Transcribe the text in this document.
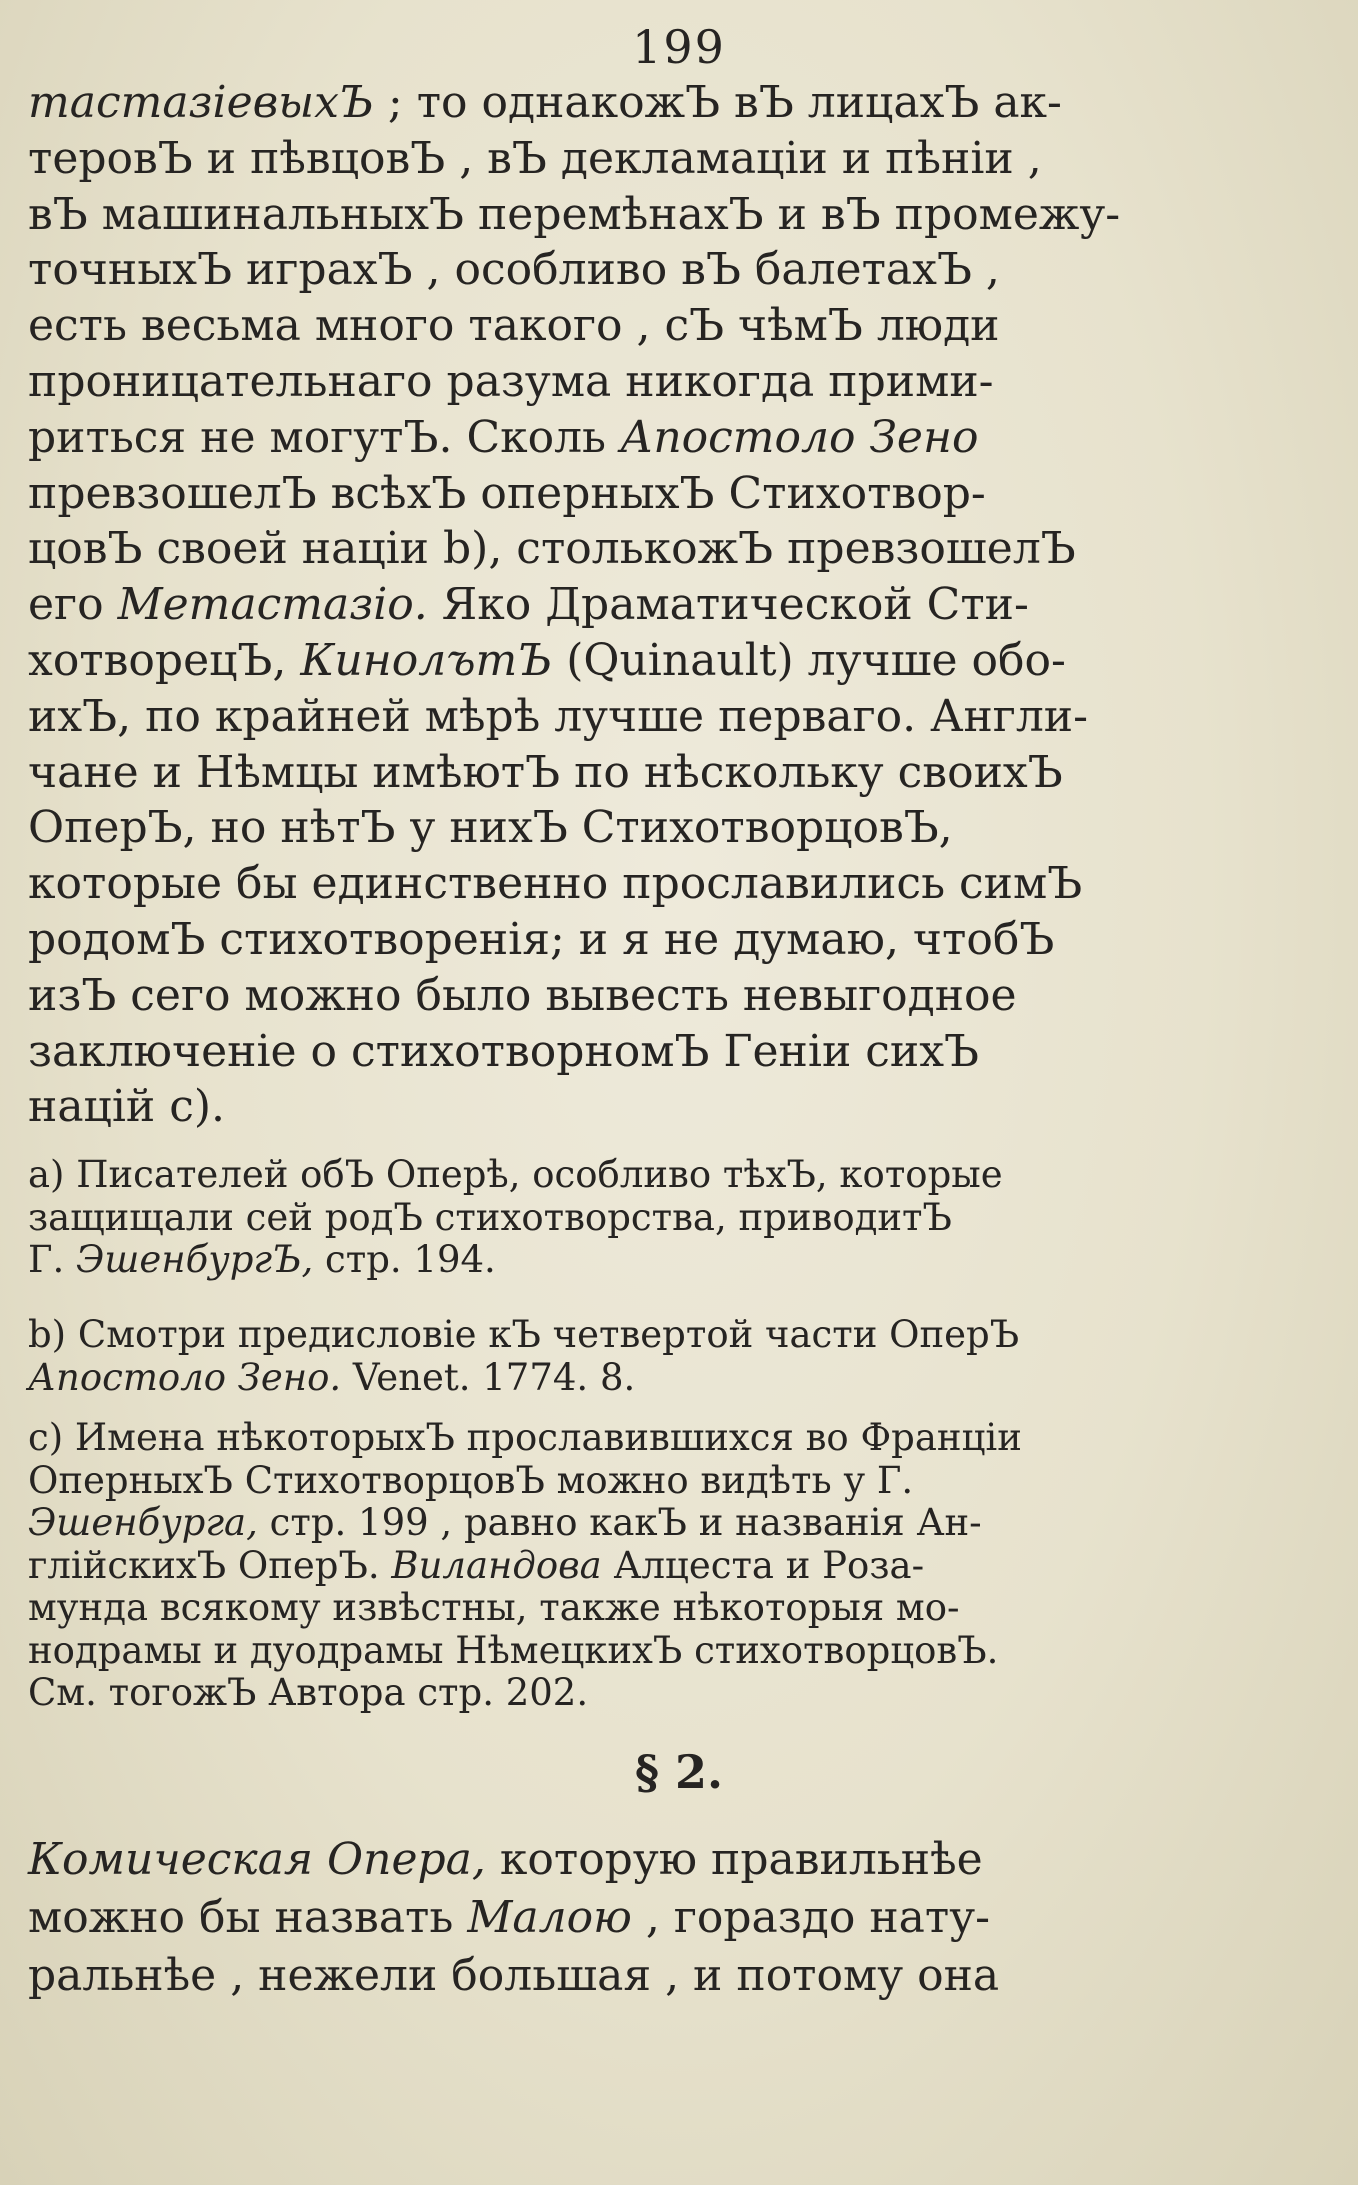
199
тастазіевыхЪ ; то однакожЪ вЪ лицахЪ ак-
теровЪ и пѣвцовЪ , вЪ декламаціи и пѣніи ,
вЪ машинальныхЪ перемѣнахЪ и вЪ промежу-
точныхЪ играхЪ , особливо вЪ балетахЪ ,
есть весьма много такого , сЪ чѣмЪ люди
проницательнаго разума никогда прими-
риться не могутЪ. Сколь Апостоло Зено
превзошелЪ всѣхЪ оперныхЪ Стихотвор-
цовЪ своей націи b), столькожЪ превзошелЪ
его Метастазіо. Яко Драматической Сти-
хотворецЪ, КинолътЪ (Quinault) лучше обо-
ихЪ, по крайней мѣрѣ лучше перваго. Англи-
чане и Нѣмцы имѣютЪ по нѣскольку своихЪ
ОперЪ, но нѣтЪ у нихЪ СтихотворцовЪ,
которые бы единственно прославились симЪ
родомЪ стихотворенія; и я не думаю, чтобЪ
изЪ сего можно было вывесть невыгодное
заключеніе о стихотворномЪ Геніи сихЪ
націй c).
a) Писателей обЪ Оперѣ, особливо тѣхЪ, которые
защищали сей родЪ стихотворства, приводитЪ
Г. ЭшенбургЪ, стр. 194.
b) Смотри предисловіе кЪ четвертой части ОперЪ
Апостоло Зено. Venet. 1774. 8.
c) Имена нѣкоторыхЪ прославившихся во Франціи
ОперныхЪ СтихотворцовЪ можно видѣть у Г.
Эшенбурга, стр. 199 , равно какЪ и названія Ан-
глійскихЪ ОперЪ. Виландова Алцеста и Роза-
мунда всякому извѣстны, также нѣкоторыя мо-
нодрамы и дуодрамы НѣмецкихЪ стихотворцовЪ.
См. тогожЪ Автора стр. 202.
§ 2.
Комическая Опера, которую правильнѣе
можно бы назвать Малою , гораздо нату-
ральнѣе , нежели большая , и потому она
